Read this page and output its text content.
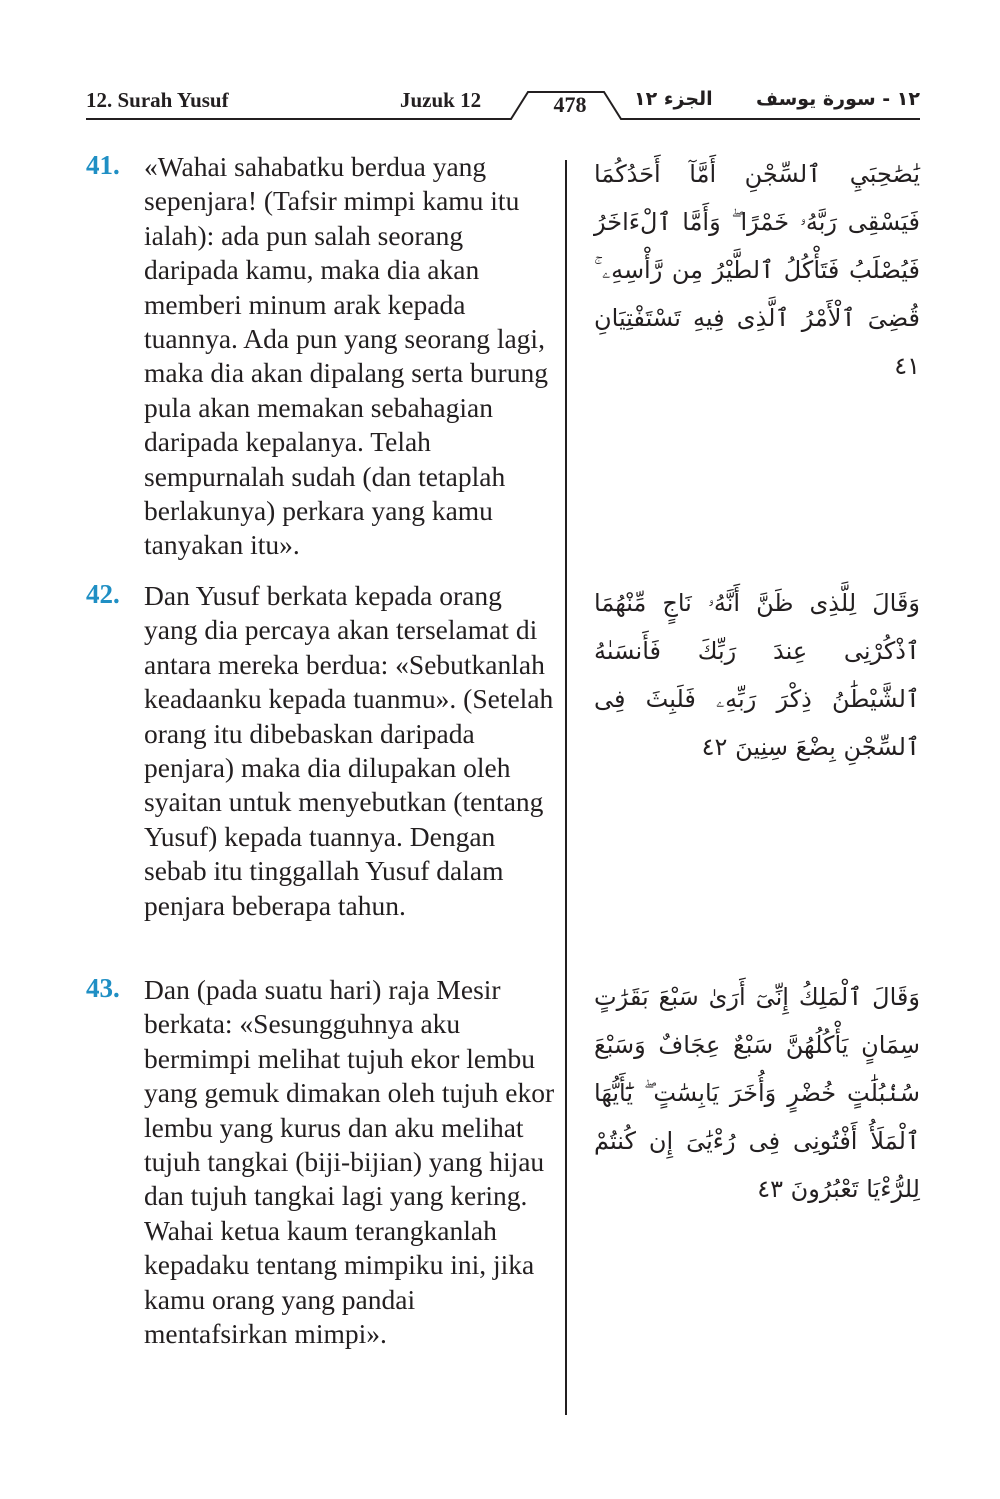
12. Surah Yusuf	Juzuk 12	478	الجزء ١٢ ١٢ - سورة يوسف
41. «Wahai sahabatku berdua yang sepenjara! (Tafsir mimpi kamu itu ialah): ada pun salah seorang daripada kamu, maka dia akan memberi minum arak kepada tuannya. Ada pun yang seorang lagi, maka dia akan dipalang serta burung pula akan memakan sebahagian daripada kepalanya. Telah sempurnalah sudah (dan tetaplah berlakunya) perkara yang kamu tanyakan itu».
يَٰصَٰحِبَيِ ٱلسِّجْنِ أَمَّآ أَحَدُكُمَا فَيَسْقِى رَبَّهُۥ خَمْرًا ۖ وَأَمَّا ٱلْءَاخَرُ فَيُصْلَبُ فَتَأْكُلُ ٱلطَّيْرُ مِن رَّأْسِهِۦ ۚ قُضِىَ ٱلْأَمْرُ ٱلَّذِى فِيهِ تَسْتَفْتِيَانِ ٤١
42. Dan Yusuf berkata kepada orang yang dia percaya akan terselamat di antara mereka berdua: «Sebutkanlah keadaanku kepada tuanmu». (Setelah orang itu dibebaskan daripada penjara) maka dia dilupakan oleh syaitan untuk menyebutkan (tentang Yusuf) kepada tuannya. Dengan sebab itu tinggallah Yusuf dalam penjara beberapa tahun.
وَقَالَ لِلَّذِى ظَنَّ أَنَّهُۥ نَاجٍ مِّنْهُمَا ٱذْكُرْنِى عِندَ رَبِّكَ فَأَنسَىٰهُ ٱلشَّيْطَٰنُ ذِكْرَ رَبِّهِۦ فَلَبِثَ فِى ٱلسِّجْنِ بِضْعَ سِنِينَ ٤٢
43. Dan (pada suatu hari) raja Mesir berkata: «Sesungguhnya aku bermimpi melihat tujuh ekor lembu yang gemuk dimakan oleh tujuh ekor lembu yang kurus dan aku melihat tujuh tangkai (biji-bijian) yang hijau dan tujuh tangkai lagi yang kering. Wahai ketua kaum terangkanlah kepadaku tentang mimpiku ini, jika kamu orang yang pandai mentafsirkan mimpi».
وَقَالَ ٱلْمَلِكُ إِنِّىٓ أَرَىٰ سَبْعَ بَقَرَٰتٍ سِمَانٍ يَأْكُلُهُنَّ سَبْعٌ عِجَافٌ وَسَبْعَ سُنۢبُلَٰتٍ خُضْرٍ وَأُخَرَ يَابِسَٰتٍ ۖ يَٰٓأَيُّهَا ٱلْمَلَأُ أَفْتُونِى فِى رُءْيَٰىَ إِن كُنتُمْ لِلرُّءْيَا تَعْبُرُونَ ٤٣
